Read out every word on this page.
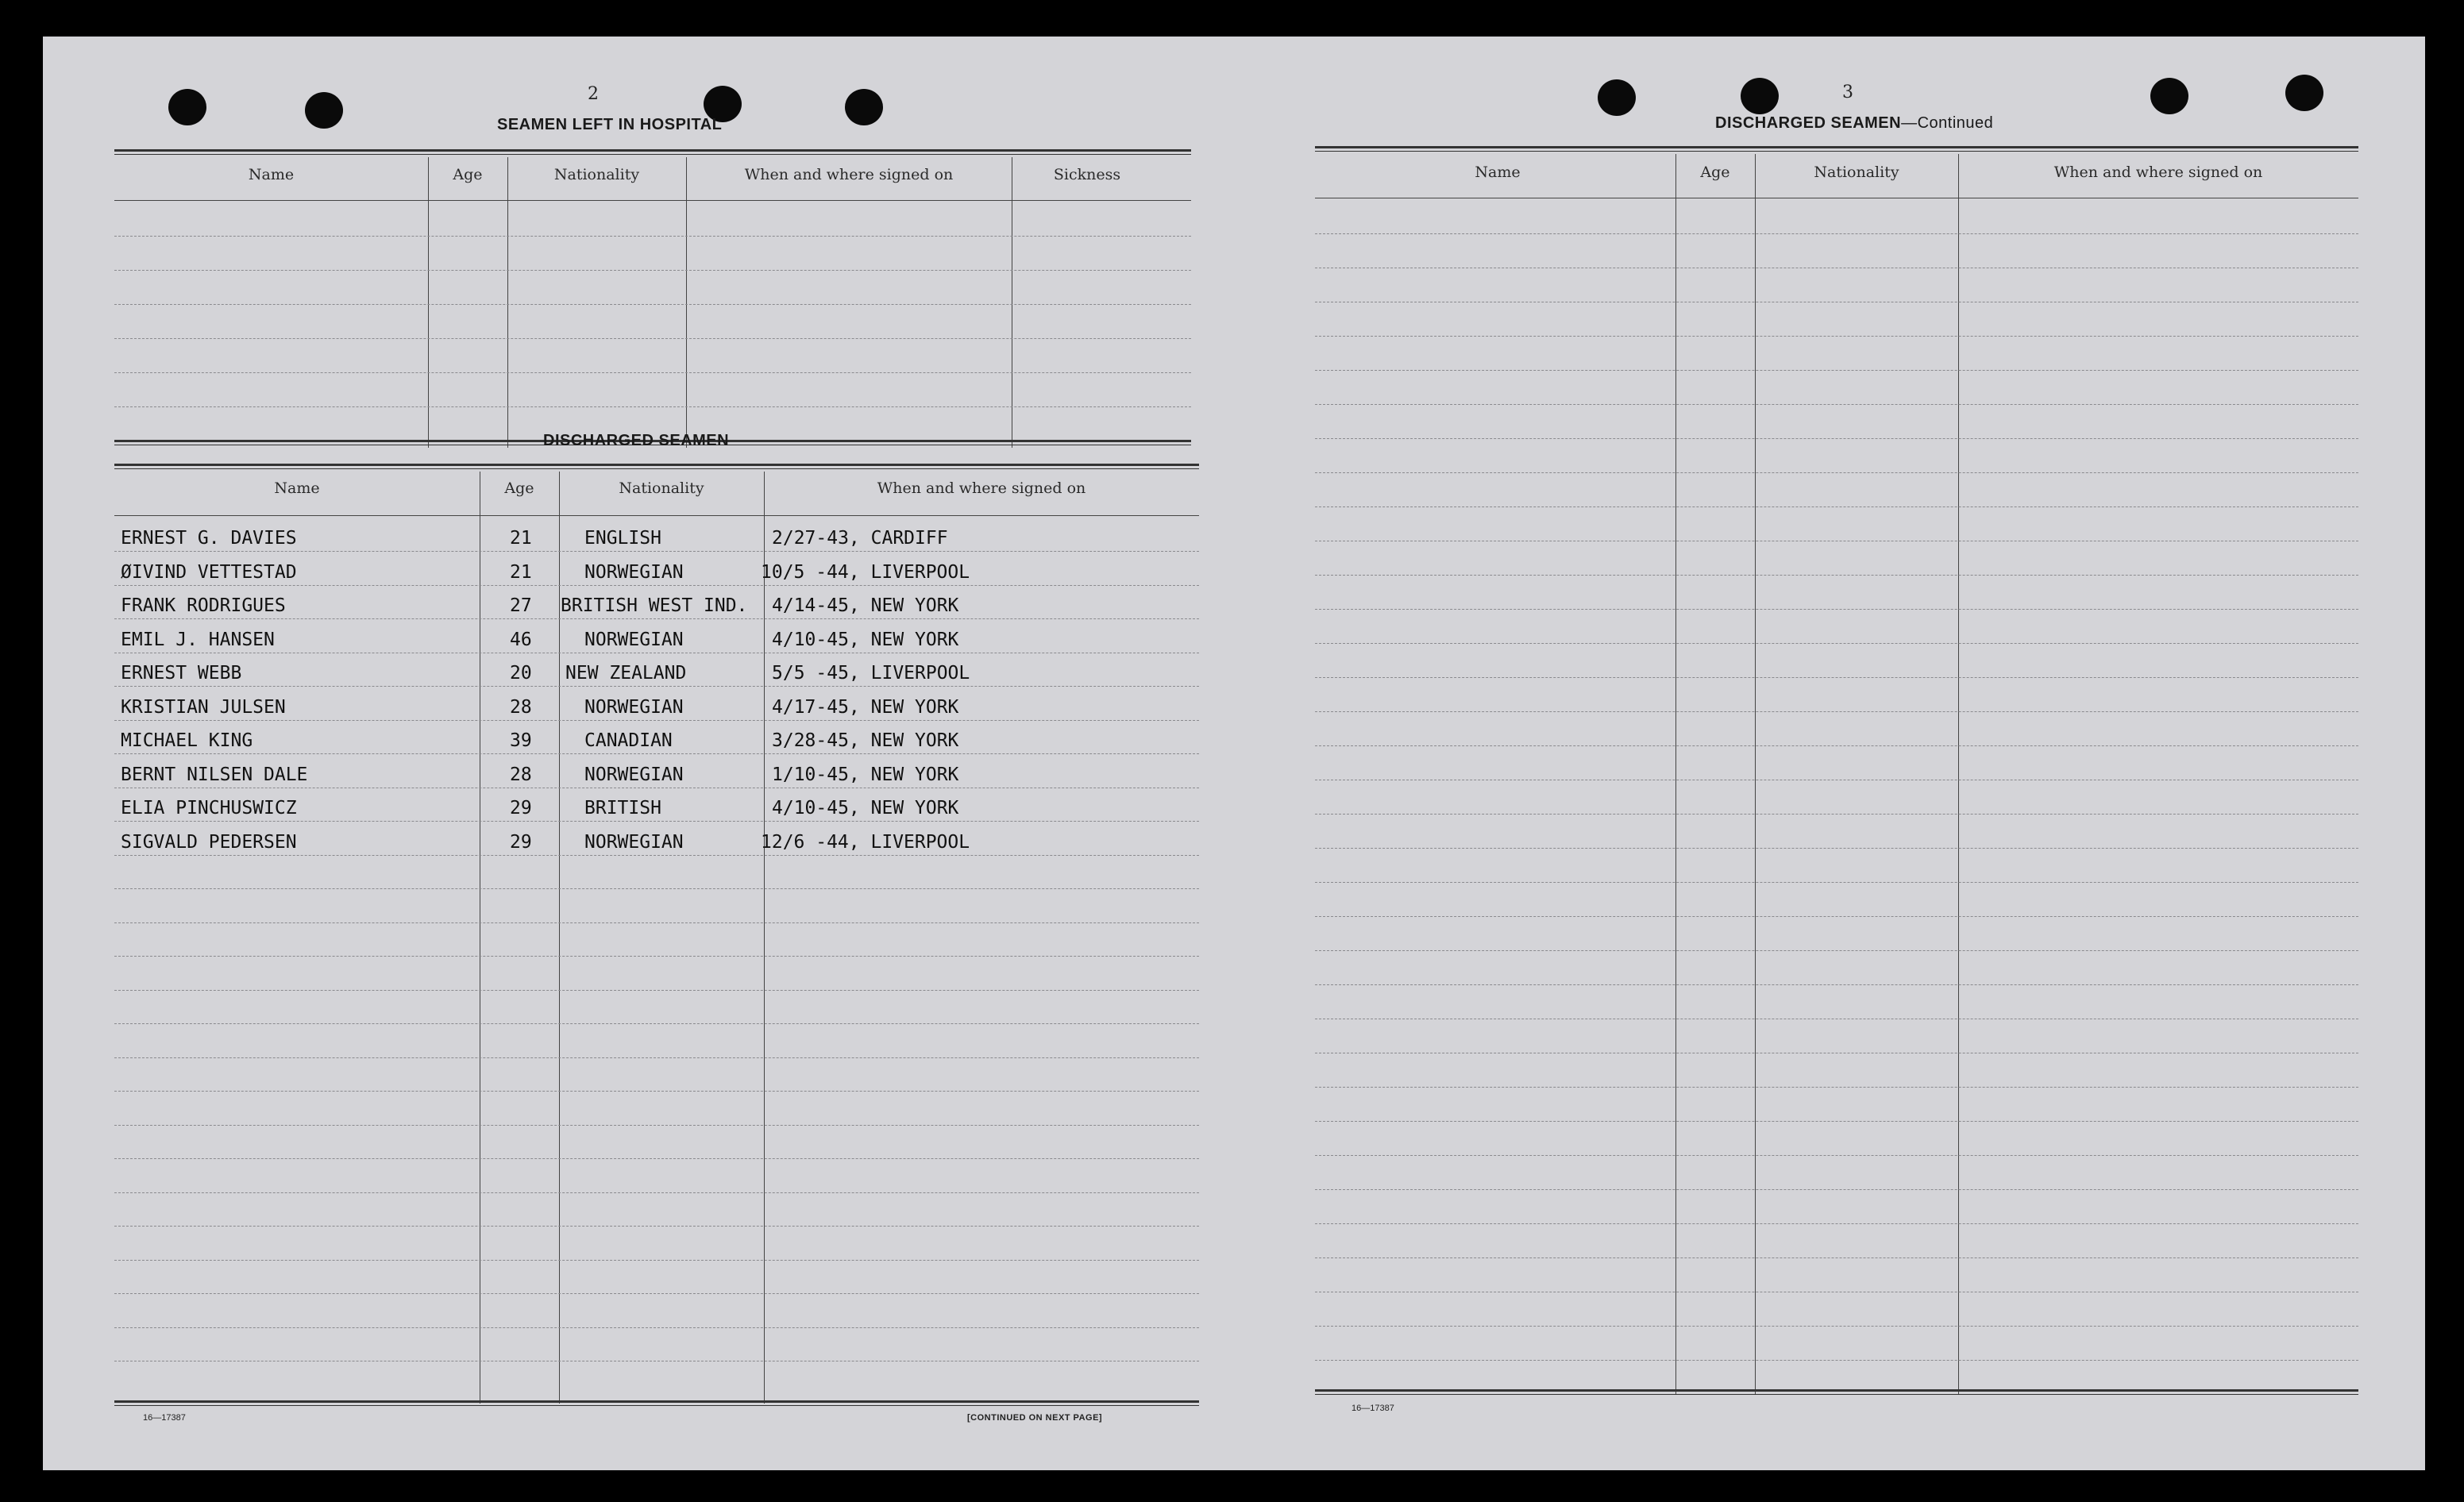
2
SEAMEN LEFT IN HOSPITAL
Name	Age	Nationality	When and where signed on	Sickness
DISCHARGED SEAMEN
Name	Age	Nationality	When and where signed on
ERNEST G. DAVIES	21	ENGLISH	2/27-43, CARDIFF
ØIVIND VETTESTAD	21	NORWEGIAN	10/5 -44, LIVERPOOL
FRANK RODRIGUES	27 BRITISH WEST IND. 4/14-45, NEW YORK
EMIL J. HANSEN	46	NORWEGIAN	4/10-45, NEW YORK
ERNEST WEBB	20 NEW ZEALAND	5/5 -45, LIVERPOOL
KRISTIAN JULSEN	28	NORWEGIAN	4/17-45, NEW YORK
MICHAEL KING	39	CANADIAN	3/28-45, NEW YORK
BERNT NILSEN DALE	28	NORWEGIAN	1/10-45, NEW YORK
ELIA PINCHUSWICZ	29	BRITISH	4/10-45, NEW YORK
SIGVALD PEDERSEN	29	NORWEGIAN	12/6 -44, LIVERPOOL
16—17387	[CONTINUED ON NEXT PAGE]
3
DISCHARGED SEAMEN—Continued
Name	Age	Nationality	When and where signed on
16—17387
